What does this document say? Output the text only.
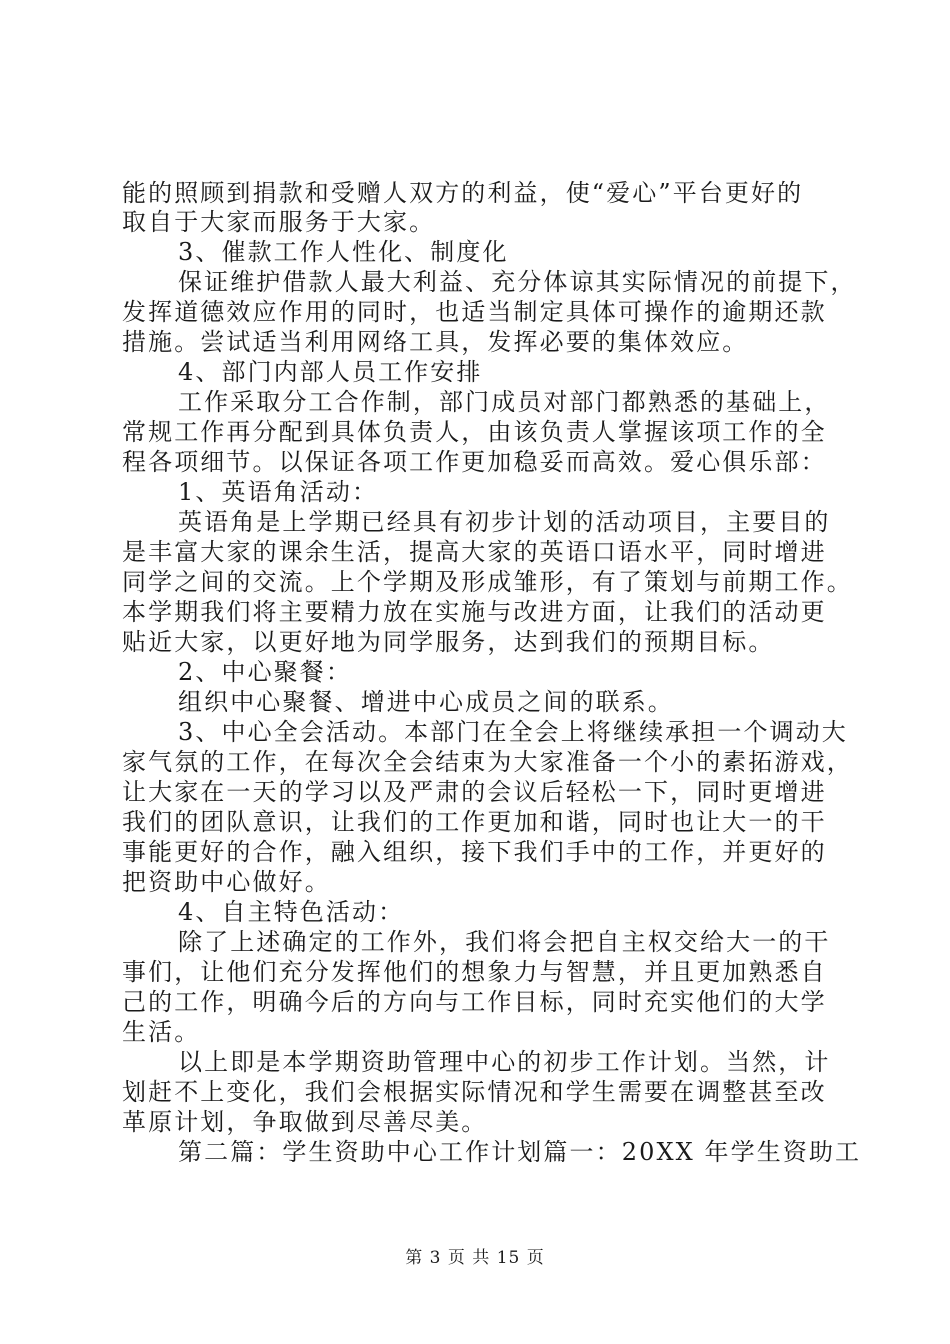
能的照顾到捐款和受赠人双方的利益，使“爱心”平台更好的
取自于大家而服务于大家。
3、催款工作人性化、制度化
保证维护借款人最大利益、充分体谅其实际情况的前提下，
发挥道德效应作用的同时，也适当制定具体可操作的逾期还款
措施。尝试适当利用网络工具，发挥必要的集体效应。
4、部门内部人员工作安排
工作采取分工合作制，部门成员对部门都熟悉的基础上，
常规工作再分配到具体负责人，由该负责人掌握该项工作的全
程各项细节。以保证各项工作更加稳妥而高效。爱心俱乐部：
1、英语角活动：
英语角是上学期已经具有初步计划的活动项目，主要目的
是丰富大家的课余生活，提高大家的英语口语水平，同时增进
同学之间的交流。上个学期及形成雏形，有了策划与前期工作。
本学期我们将主要精力放在实施与改进方面，让我们的活动更
贴近大家，以更好地为同学服务，达到我们的预期目标。
2、中心聚餐：
组织中心聚餐、增进中心成员之间的联系。
3、中心全会活动。本部门在全会上将继续承担一个调动大
家气氛的工作，在每次全会结束为大家准备一个小的素拓游戏，
让大家在一天的学习以及严肃的会议后轻松一下，同时更增进
我们的团队意识，让我们的工作更加和谐，同时也让大一的干
事能更好的合作，融入组织，接下我们手中的工作，并更好的
把资助中心做好。
4、自主特色活动：
除了上述确定的工作外，我们将会把自主权交给大一的干
事们，让他们充分发挥他们的想象力与智慧，并且更加熟悉自
己的工作，明确今后的方向与工作目标，同时充实他们的大学
生活。
以上即是本学期资助管理中心的初步工作计划。当然，计
划赶不上变化，我们会根据实际情况和学生需要在调整甚至改
革原计划，争取做到尽善尽美。
第二篇：学生资助中心工作计划篇一：20XX 年学生资助工
第 3 页 共 15 页
